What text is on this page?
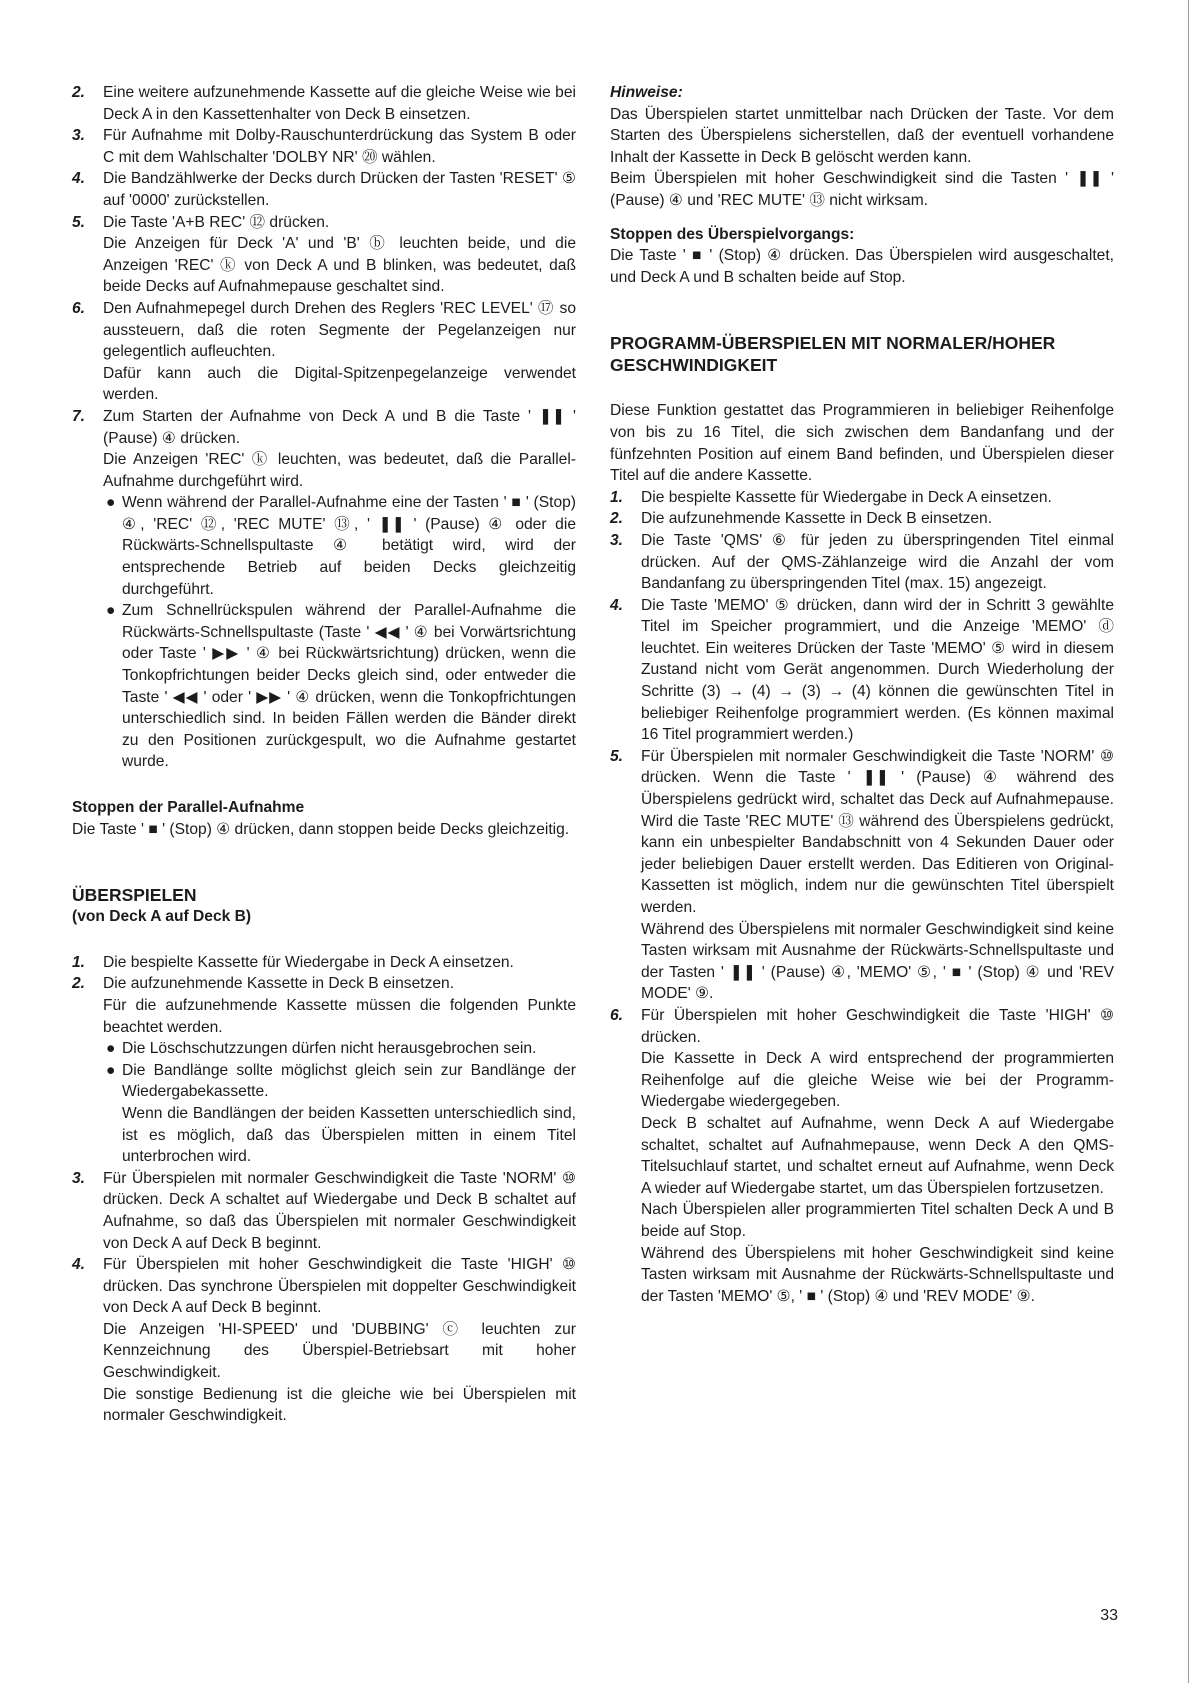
2. Eine weitere aufzunehmende Kassette auf die gleiche Weise wie bei Deck A in den Kassettenhalter von Deck B einsetzen.
3. Für Aufnahme mit Dolby-Rauschunterdrückung das System B oder C mit dem Wahlschalter 'DOLBY NR' ⑳ wählen.
4. Die Bandzählwerke der Decks durch Drücken der Tasten 'RESET' ⑤ auf '0000' zurückstellen.
5. Die Taste 'A+B REC' ⑫ drücken.
Die Anzeigen für Deck 'A' und 'B' ⓑ leuchten beide, und die Anzeigen 'REC' ⓚ von Deck A und B blinken, was bedeutet, daß beide Decks auf Aufnahmepause geschaltet sind.
6. Den Aufnahmepegel durch Drehen des Reglers 'REC LEVEL' ⑰ so aussteuern, daß die roten Segmente der Pegelanzeigen nur gelegentlich aufleuchten.
Dafür kann auch die Digital-Spitzenpegelanzeige verwendet werden.
7. Zum Starten der Aufnahme von Deck A und B die Taste ' ❚❚ ' (Pause) ④ drücken.
Die Anzeigen 'REC' ⓚ leuchten, was bedeutet, daß die Parallel-Aufnahme durchgeführt wird.
● Wenn während der Parallel-Aufnahme eine der Tasten ' ■ ' (Stop) ④, 'REC' ⑫, 'REC MUTE' ⑬, ' ❚❚ ' (Pause) ④ oder die Rückwärts-Schnellspultaste ④ betätigt wird, wird der entsprechende Betrieb auf beiden Decks gleichzeitig durchgeführt.
● Zum Schnellrückspulen während der Parallel-Aufnahme die Rückwärts-Schnellspultaste (Taste ' ◀◀ ' ④ bei Vorwärtsrichtung oder Taste ' ▶▶ ' ④ bei Rückwärtsrichtung) drücken, wenn die Tonkopfrichtungen beider Decks gleich sind, oder entweder die Taste ' ◀◀ ' oder ' ▶▶ ' ④ drücken, wenn die Tonkopfrichtungen unterschiedlich sind. In beiden Fällen werden die Bänder direkt zu den Positionen zurückgespult, wo die Aufnahme gestartet wurde.
Stoppen der Parallel-Aufnahme

Die Taste ' ■ ' (Stop) ④ drücken, dann stoppen beide Decks gleichzeitig.

ÜBERSPIELEN
(von Deck A auf Deck B)
1. Die bespielte Kassette für Wiedergabe in Deck A einsetzen.
2. Die aufzunehmende Kassette in Deck B einsetzen.
Für die aufzunehmende Kassette müssen die folgenden Punkte beachtet werden.
● Die Löschschutzzungen dürfen nicht herausgebrochen sein.
● Die Bandlänge sollte möglichst gleich sein zur Bandlänge der Wiedergabekassette.
Wenn die Bandlängen der beiden Kassetten unterschiedlich sind, ist es möglich, daß das Überspielen mitten in einem Titel unterbrochen wird.
3. Für Überspielen mit normaler Geschwindigkeit die Taste 'NORM' ⑩ drücken. Deck A schaltet auf Wiedergabe und Deck B schaltet auf Aufnahme, so daß das Überspielen mit normaler Geschwindigkeit von Deck A auf Deck B beginnt.
4. Für Überspielen mit hoher Geschwindigkeit die Taste 'HIGH' ⑩ drücken. Das synchrone Überspielen mit doppelter Geschwindigkeit von Deck A auf Deck B beginnt.
Die Anzeigen 'HI-SPEED' und 'DUBBING' ⓒ leuchten zur Kennzeichnung des Überspiel-Betriebsart mit hoher Geschwindigkeit.
Die sonstige Bedienung ist die gleiche wie bei Überspielen mit normaler Geschwindigkeit.
Hinweise:

Das Überspielen startet unmittelbar nach Drücken der Taste. Vor dem Starten des Überspielens sicherstellen, daß der eventuell vorhandene Inhalt der Kassette in Deck B gelöscht werden kann.

Beim Überspielen mit hoher Geschwindigkeit sind die Tasten ' ❚❚ ' (Pause) ④ und 'REC MUTE' ⑬ nicht wirksam.

Stoppen des Überspielvorgangs:

Die Taste ' ■ ' (Stop) ④ drücken. Das Überspielen wird ausgeschaltet, und Deck A und B schalten beide auf Stop.

PROGRAMM-ÜBERSPIELEN MIT NORMALER/HOHER GESCHWINDIGKEIT

Diese Funktion gestattet das Programmieren in beliebiger Reihenfolge von bis zu 16 Titel, die sich zwischen dem Bandanfang und der fünfzehnten Position auf einem Band befinden, und Überspielen dieser Titel auf die andere Kassette.

1. Die bespielte Kassette für Wiedergabe in Deck A einsetzen.
2. Die aufzunehmende Kassette in Deck B einsetzen.
3. Die Taste 'QMS' ⑥ für jeden zu überspringenden Titel einmal drücken. Auf der QMS-Zählanzeige wird die Anzahl der vom Bandanfang zu überspringenden Titel (max. 15) angezeigt.
4. Die Taste 'MEMO' ⑤ drücken, dann wird der in Schritt 3 gewählte Titel im Speicher programmiert, und die Anzeige 'MEMO' ⓓ leuchtet. Ein weiteres Drücken der Taste 'MEMO' ⑤ wird in diesem Zustand nicht vom Gerät angenommen. Durch Wiederholung der Schritte (3) → (4) → (3) → (4) können die gewünschten Titel in beliebiger Reihenfolge programmiert werden. (Es können maximal 16 Titel programmiert werden.)
5. Für Überspielen mit normaler Geschwindigkeit die Taste 'NORM' ⑩ drücken. Wenn die Taste ' ❚❚ ' (Pause) ④ während des Überspielens gedrückt wird, schaltet das Deck auf Aufnahmepause. Wird die Taste 'REC MUTE' ⑬ während des Überspielens gedrückt, kann ein unbespielter Bandabschnitt von 4 Sekunden Dauer oder jeder beliebigen Dauer erstellt werden. Das Editieren von Original-Kassetten ist möglich, indem nur die gewünschten Titel überspielt werden.
Während des Überspielens mit normaler Geschwindigkeit sind keine Tasten wirksam mit Ausnahme der Rückwärts-Schnellspultaste und der Tasten ' ❚❚ ' (Pause) ④, 'MEMO' ⑤, ' ■ ' (Stop) ④ und 'REV MODE' ⑨.
6. Für Überspielen mit hoher Geschwindigkeit die Taste 'HIGH' ⑩ drücken.
Die Kassette in Deck A wird entsprechend der programmierten Reihenfolge auf die gleiche Weise wie bei der Programm-Wiedergabe wiedergegeben.
Deck B schaltet auf Aufnahme, wenn Deck A auf Wiedergabe schaltet, schaltet auf Aufnahmepause, wenn Deck A den QMS-Titelsuchlauf startet, und schaltet erneut auf Aufnahme, wenn Deck A wieder auf Wiedergabe startet, um das Überspielen fortzusetzen.
Nach Überspielen aller programmierten Titel schalten Deck A und B beide auf Stop.
Während des Überspielens mit hoher Geschwindigkeit sind keine Tasten wirksam mit Ausnahme der Rückwärts-Schnellspultaste und der Tasten 'MEMO' ⑤, ' ■ ' (Stop) ④ und 'REV MODE' ⑨.
33
